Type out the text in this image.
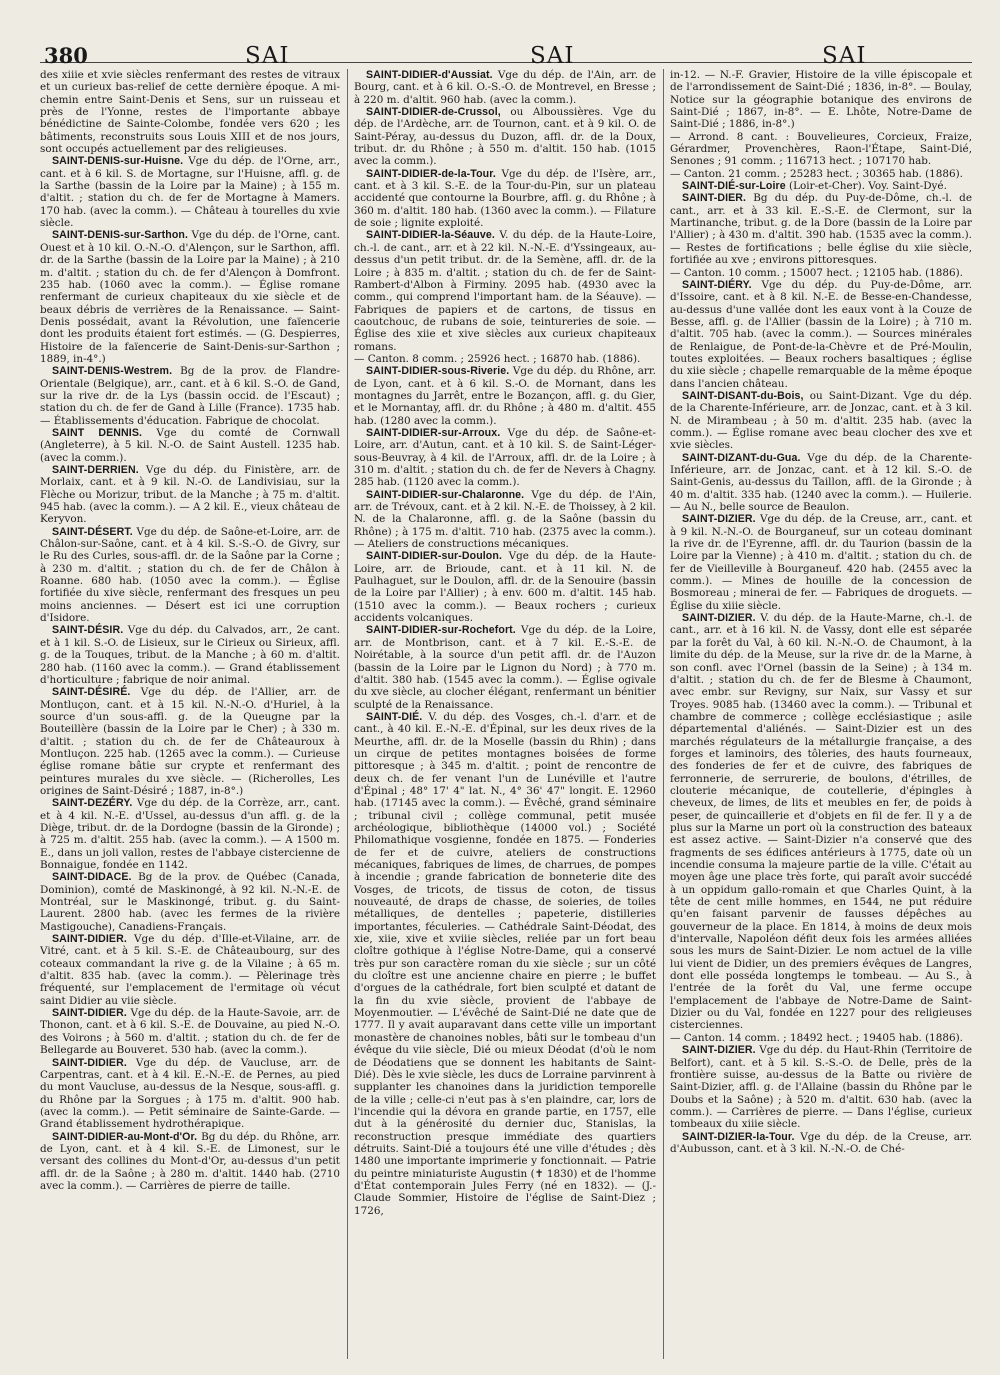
380	SAI	SAI	SAI

des xiiie et xvie siècles renfermant des restes de vitraux et un curieux bas-relief de cette dernière époque. A mi-chemin entre Saint-Denis et Sens, sur un ruisseau et près de l'Yonne, restes de l'importante abbaye bénédictine de Sainte-Colombe, fondée vers 620 ; les bâtiments, reconstruits sous Louis XIII et de nos jours, sont occupés actuellement par des religieuses.

SAINT-DENIS-sur-Huisne. Vge du dép. de l'Orne, arr., cant. et à 6 kil. S. de Mortagne, sur l'Huisne, affl. g. de la Sarthe (bassin de la Loire par la Maine) ; à 155 m. d'altit. ; station du ch. de fer de Mortagne à Mamers. 170 hab. (avec la comm.). — Château à tourelles du xvie siècle.

SAINT-DENIS-sur-Sarthon. Vge du dép. de l'Orne, cant. Ouest et à 10 kil. O.-N.-O. d'Alençon, sur le Sarthon, affl. dr. de la Sarthe (bassin de la Loire par la Maine) ; à 210 m. d'altit. ; station du ch. de fer d'Alençon à Domfront. 235 hab. (1060 avec la comm.). — Église romane renfermant de curieux chapiteaux du xie siècle et de beaux débris de verrières de la Renaissance. — Saint-Denis possédait, avant la Révolution, une faïencerie dont les produits étaient fort estimés. — (G. Despierres, Histoire de la faïencerie de Saint-Denis-sur-Sarthon ; 1889, in-4°.)

SAINT-DENIS-Westrem. Bg de la prov. de Flandre-Orientale (Belgique), arr., cant. et à 6 kil. S.-O. de Gand, sur la rive dr. de la Lys (bassin occid. de l'Escaut) ; station du ch. de fer de Gand à Lille (France). 1735 hab. — Établissements d'éducation. Fabrique de chocolat.

SAINT DENNIS. Vge du comté de Cornwall (Angleterre), à 5 kil. N.-O. de Saint Austell. 1235 hab. (avec la comm.).

SAINT-DERRIEN. Vge du dép. du Finistère, arr. de Morlaix, cant. et à 9 kil. N.-O. de Landivisiau, sur la Flèche ou Morizur, tribut. de la Manche ; à 75 m. d'altit. 945 hab. (avec la comm.). — A 2 kil. E., vieux château de Keryvon.

SAINT-DÉSERT. Vge du dép. de Saône-et-Loire, arr. de Châlon-sur-Saône, cant. et à 4 kil. S.-S.-O. de Givry, sur le Ru des Curles, sous-affl. dr. de la Saône par la Corne ; à 230 m. d'altit. ; station du ch. de fer de Châlon à Roanne. 680 hab. (1050 avec la comm.). — Église fortifiée du xive siècle, renfermant des fresques un peu moins anciennes. — Désert est ici une corruption d'Isidore.

SAINT-DÉSIR. Vge du dép. du Calvados, arr., 2e cant. et à 1 kil. S.-O. de Lisieux, sur le Cirieux ou Sirieux, affl. g. de la Touques, tribut. de la Manche ; à 60 m. d'altit. 280 hab. (1160 avec la comm.). — Grand établissement d'horticulture ; fabrique de noir animal.

SAINT-DÉSIRÉ. Vge du dép. de l'Allier, arr. de Montluçon, cant. et à 15 kil. N.-N.-O. d'Huriel, à la source d'un sous-affl. g. de la Queugne par la Bouteillère (bassin de la Loire par le Cher) ; à 330 m. d'altit. ; station du ch. de fer de Châteauroux à Montluçon. 225 hab. (1265 avec la comm.). — Curieuse église romane bâtie sur crypte et renfermant des peintures murales du xve siècle. — (Richerolles, Les origines de Saint-Désiré ; 1887, in-8°.)

SAINT-DEZÉRY. Vge du dép. de la Corrèze, arr., cant. et à 4 kil. N.-E. d'Ussel, au-dessus d'un affl. g. de la Diège, tribut. dr. de la Dordogne (bassin de la Gironde) ; à 725 m. d'altit. 255 hab. (avec la comm.). — A 1500 m. E., dans un joli vallon, restes de l'abbaye cistercienne de Bonnaigue, fondée en 1142.

SAINT-DIDACE. Bg de la prov. de Québec (Canada, Dominion), comté de Maskinongé, à 92 kil. N.-N.-E. de Montréal, sur le Maskinongé, tribut. g. du Saint-Laurent. 2800 hab. (avec les fermes de la rivière Mastigouche), Canadiens-Français.

SAINT-DIDIER. Vge du dép. d'Ille-et-Vilaine, arr. de Vitré, cant. et à 5 kil. S.-E. de Châteaubourg, sur des coteaux commandant la rive g. de la Vilaine ; à 65 m. d'altit. 835 hab. (avec la comm.). — Pèlerinage très fréquenté, sur l'emplacement de l'ermitage où vécut saint Didier au viie siècle.

SAINT-DIDIER. Vge du dép. de la Haute-Savoie, arr. de Thonon, cant. et à 6 kil. S.-E. de Douvaine, au pied N.-O. des Voirons ; à 560 m. d'altit. ; station du ch. de fer de Bellegarde au Bouveret. 530 hab. (avec la comm.).

SAINT-DIDIER. Vge du dép. de Vaucluse, arr. de Carpentras, cant. et à 4 kil. E.-N.-E. de Pernes, au pied du mont Vaucluse, au-dessus de la Nesque, sous-affl. g. du Rhône par la Sorgues ; à 175 m. d'altit. 900 hab. (avec la comm.). — Petit séminaire de Sainte-Garde. — Grand établissement hydrothérapique.

SAINT-DIDIER-au-Mont-d'Or. Bg du dép. du Rhône, arr. de Lyon, cant. et à 4 kil. S.-E. de Limonest, sur le versant des collines du Mont-d'Or, au-dessus d'un petit affl. dr. de la Saône ; à 280 m. d'altit. 1440 hab. (2710 avec la comm.). — Carrières de pierre de taille.

SAINT-DIDIER-d'Aussiat. Vge du dép. de l'Ain, arr. de Bourg, cant. et à 6 kil. O.-S.-O. de Montrevel, en Bresse ; à 220 m. d'altit. 960 hab. (avec la comm.).

SAINT-DIDIER-de-Crussol, ou Alboussières. Vge du dép. de l'Ardèche, arr. de Tournon, cant. et à 9 kil. O. de Saint-Péray, au-dessus du Duzon, affl. dr. de la Doux, tribut. dr. du Rhône ; à 550 m. d'altit. 150 hab. (1015 avec la comm.).

SAINT-DIDIER-de-la-Tour. Vge du dép. de l'Isère, arr., cant. et à 3 kil. S.-E. de la Tour-du-Pin, sur un plateau accidenté que contourne la Bourbre, affl. g. du Rhône ; à 360 m. d'altit. 180 hab. (1360 avec la comm.). — Filature de soie ; lignite exploité.

SAINT-DIDIER-la-Séauve. V. du dép. de la Haute-Loire, ch.-l. de cant., arr. et à 22 kil. N.-N.-E. d'Yssingeaux, au-dessus d'un petit tribut. dr. de la Semène, affl. dr. de la Loire ; à 835 m. d'altit. ; station du ch. de fer de Saint-Rambert-d'Albon à Firminy. 2095 hab. (4930 avec la comm., qui comprend l'important ham. de la Séauve). — Fabriques de papiers et de cartons, de tissus en caoutchouc, de rubans de soie, teintureries de soie. — Église des xiie et xive siècles aux curieux chapiteaux romans.

— Canton. 8 comm. ; 25926 hect. ; 16870 hab. (1886).

SAINT-DIDIER-sous-Riverie. Vge du dép. du Rhône, arr. de Lyon, cant. et à 6 kil. S.-O. de Mornant, dans les montagnes du Jarrêt, entre le Bozançon, affl. g. du Gier, et le Mornantay, affl. dr. du Rhône ; à 480 m. d'altit. 455 hab. (1280 avec la comm.).

SAINT-DIDIER-sur-Arroux. Vge du dép. de Saône-et-Loire, arr. d'Autun, cant. et à 10 kil. S. de Saint-Léger-sous-Beuvray, à 4 kil. de l'Arroux, affl. dr. de la Loire ; à 310 m. d'altit. ; station du ch. de fer de Nevers à Chagny. 285 hab. (1120 avec la comm.).

SAINT-DIDIER-sur-Chalaronne. Vge du dép. de l'Ain, arr. de Trévoux, cant. et à 2 kil. N.-E. de Thoissey, à 2 kil. N. de la Chalaronne, affl. g. de la Saône (bassin du Rhône) ; à 175 m. d'altit. 710 hab. (2375 avec la comm.). — Ateliers de constructions mécaniques.

SAINT-DIDIER-sur-Doulon. Vge du dép. de la Haute-Loire, arr. de Brioude, cant. et à 11 kil. N. de Paulhaguet, sur le Doulon, affl. dr. de la Senouire (bassin de la Loire par l'Allier) ; à env. 600 m. d'altit. 145 hab. (1510 avec la comm.). — Beaux rochers ; curieux accidents volcaniques.

SAINT-DIDIER-sur-Rochefort. Vge du dép. de la Loire, arr. de Montbrison, cant. et à 7 kil. E.-S.-E. de Noirétable, à la source d'un petit affl. dr. de l'Auzon (bassin de la Loire par le Lignon du Nord) ; à 770 m. d'altit. 380 hab. (1545 avec la comm.). — Église ogivale du xve siècle, au clocher élégant, renfermant un bénitier sculpté de la Renaissance.

SAINT-DIÉ. V. du dép. des Vosges, ch.-l. d'arr. et de cant., à 40 kil. E.-N.-E. d'Épinal, sur les deux rives de la Meurthe, affl. dr. de la Moselle (bassin du Rhin) ; dans un cirque de petites montagnes boisées de forme pittoresque ; à 345 m. d'altit. ; point de rencontre de deux ch. de fer venant l'un de Lunéville et l'autre d'Épinal ; 48° 17' 4" lat. N., 4° 36' 47" longit. E. 12960 hab. (17145 avec la comm.). — Évêché, grand séminaire ; tribunal civil ; collège communal, petit musée archéologique, bibliothèque (14000 vol.) ; Société Philomathique vosgienne, fondée en 1875. — Fonderies de fer et de cuivre, ateliers de constructions mécaniques, fabriques de limes, de charrues, de pompes à incendie ; grande fabrication de bonneterie dite des Vosges, de tricots, de tissus de coton, de tissus nouveauté, de draps de chasse, de soieries, de toiles métalliques, de dentelles ; papeterie, distilleries importantes, féculeries. — Cathédrale Saint-Déodat, des xie, xiie, xive et xviiie siècles, reliée par un fort beau cloître gothique à l'église Notre-Dame, qui a conservé très pur son caractère roman du xie siècle ; sur un côté du cloître est une ancienne chaire en pierre ; le buffet d'orgues de la cathédrale, fort bien sculpté et datant de la fin du xvie siècle, provient de l'abbaye de Moyenmoutier. — L'évêché de Saint-Dié ne date que de 1777. Il y avait auparavant dans cette ville un important monastère de chanoines nobles, bâti sur le tombeau d'un évêque du viie siècle, Dié ou mieux Déodat (d'où le nom de Déodatiens que se donnent les habitants de Saint-Dié). Dès le xvie siècle, les ducs de Lorraine parvinrent à supplanter les chanoines dans la juridiction temporelle de la ville ; celle-ci n'eut pas à s'en plaindre, car, lors de l'incendie qui la dévora en grande partie, en 1757, elle dut à la générosité du dernier duc, Stanislas, la reconstruction presque immédiate des quartiers détruits. Saint-Dié a toujours été une ville d'études ; dès 1480 une importante imprimerie y fonctionnait. — Patrie du peintre miniaturiste Augustin (✝ 1830) et de l'homme d'État contemporain Jules Ferry (né en 1832). — (J.-Claude Sommier, Histoire de l'église de Saint-Diez ; 1726,

in-12. — N.-F. Gravier, Histoire de la ville épiscopale et de l'arrondissement de Saint-Dié ; 1836, in-8°. — Boulay, Notice sur la géographie botanique des environs de Saint-Dié ; 1867, in-8°. — E. Lhôte, Notre-Dame de Saint-Dié ; 1886, in-8°.)

— Arrond. 8 cant. : Bouvelieures, Corcieux, Fraize, Gérardmer, Provenchères, Raon-l'Étape, Saint-Dié, Senones ; 91 comm. ; 116713 hect. ; 107170 hab.

— Canton. 21 comm. ; 25283 hect. ; 30365 hab. (1886).

SAINT-DIÉ-sur-Loire (Loir-et-Cher). Voy. Saint-Dyé.

SAINT-DIER. Bg du dép. du Puy-de-Dôme, ch.-l. de cant., arr. et à 33 kil. E.-S.-E. de Clermont, sur la Martinanche, tribut. g. de la Dore (bassin de la Loire par l'Allier) ; à 430 m. d'altit. 390 hab. (1535 avec la comm.). — Restes de fortifications ; belle église du xiie siècle, fortifiée au xve ; environs pittoresques.

— Canton. 10 comm. ; 15007 hect. ; 12105 hab. (1886).

SAINT-DIÉRY. Vge du dép. du Puy-de-Dôme, arr. d'Issoire, cant. et à 8 kil. N.-E. de Besse-en-Chandesse, au-dessus d'une vallée dont les eaux vont à la Couze de Besse, affl. g. de l'Allier (bassin de la Loire) ; à 710 m. d'altit. 705 hab. (avec la comm.). — Sources minérales de Renlaigue, de Pont-de-la-Chèvre et de Pré-Moulin, toutes exploitées. — Beaux rochers basaltiques ; église du xiie siècle ; chapelle remarquable de la même époque dans l'ancien château.

SAINT-DISANT-du-Bois, ou Saint-Dizant. Vge du dép. de la Charente-Inférieure, arr. de Jonzac, cant. et à 3 kil. N. de Mirambeau ; à 50 m. d'altit. 235 hab. (avec la comm.). — Église romane avec beau clocher des xve et xvie siècles.

SAINT-DIZANT-du-Gua. Vge du dép. de la Charente-Inférieure, arr. de Jonzac, cant. et à 12 kil. S.-O. de Saint-Genis, au-dessus du Taillon, affl. de la Gironde ; à 40 m. d'altit. 335 hab. (1240 avec la comm.). — Huilerie. — Au N., belle source de Beaulon.

SAINT-DIZIER. Vge du dép. de la Creuse, arr., cant. et à 9 kil. N.-N.-O. de Bourganeuf, sur un coteau dominant la rive dr. de l'Eyrenne, affl. dr. du Taurion (bassin de la Loire par la Vienne) ; à 410 m. d'altit. ; station du ch. de fer de Vieilleville à Bourganeuf. 420 hab. (2455 avec la comm.). — Mines de houille de la concession de Bosmoreau ; minerai de fer. — Fabriques de droguets. — Église du xiiie siècle.

SAINT-DIZIER. V. du dép. de la Haute-Marne, ch.-l. de cant., arr. et à 16 kil. N. de Vassy, dont elle est séparée par la forêt du Val, à 60 kil. N.-N.-O. de Chaumont, à la limite du dép. de la Meuse, sur la rive dr. de la Marne, à son confl. avec l'Ornel (bassin de la Seine) ; à 134 m. d'altit. ; station du ch. de fer de Blesme à Chaumont, avec embr. sur Revigny, sur Naix, sur Vassy et sur Troyes. 9085 hab. (13460 avec la comm.). — Tribunal et chambre de commerce ; collège ecclésiastique ; asile départemental d'aliénés. — Saint-Dizier est un des marchés régulateurs de la métallurgie française, a des forges et laminoirs, des tôleries, des hauts fourneaux, des fonderies de fer et de cuivre, des fabriques de ferronnerie, de serrurerie, de boulons, d'étrilles, de clouterie mécanique, de coutellerie, d'épingles à cheveux, de limes, de lits et meubles en fer, de poids à peser, de quincaillerie et d'objets en fil de fer. Il y a de plus sur la Marne un port où la construction des bateaux est assez active. — Saint-Dizier n'a conservé que des fragments de ses édifices antérieurs à 1775, date où un incendie consuma la majeure partie de la ville. C'était au moyen âge une place très forte, qui paraît avoir succédé à un oppidum gallo-romain et que Charles Quint, à la tête de cent mille hommes, en 1544, ne put réduire qu'en faisant parvenir de fausses dépêches au gouverneur de la place. En 1814, à moins de deux mois d'intervalle, Napoléon défit deux fois les armées alliées sous les murs de Saint-Dizier. Le nom actuel de la ville lui vient de Didier, un des premiers évêques de Langres, dont elle posséda longtemps le tombeau. — Au S., à l'entrée de la forêt du Val, une ferme occupe l'emplacement de l'abbaye de Notre-Dame de Saint-Dizier ou du Val, fondée en 1227 pour des religieuses cisterciennes.

— Canton. 14 comm. ; 18492 hect. ; 19405 hab. (1886).

SAINT-DIZIER. Vge du dép. du Haut-Rhin (Territoire de Belfort), cant. et à 5 kil. S.-S.-O. de Delle, près de la frontière suisse, au-dessus de la Batte ou rivière de Saint-Dizier, affl. g. de l'Allaine (bassin du Rhône par le Doubs et la Saône) ; à 520 m. d'altit. 630 hab. (avec la comm.). — Carrières de pierre. — Dans l'église, curieux tombeaux du xiiie siècle.

SAINT-DIZIER-la-Tour. Vge du dép. de la Creuse, arr. d'Aubusson, cant. et à 3 kil. N.-N.-O. de Ché-
